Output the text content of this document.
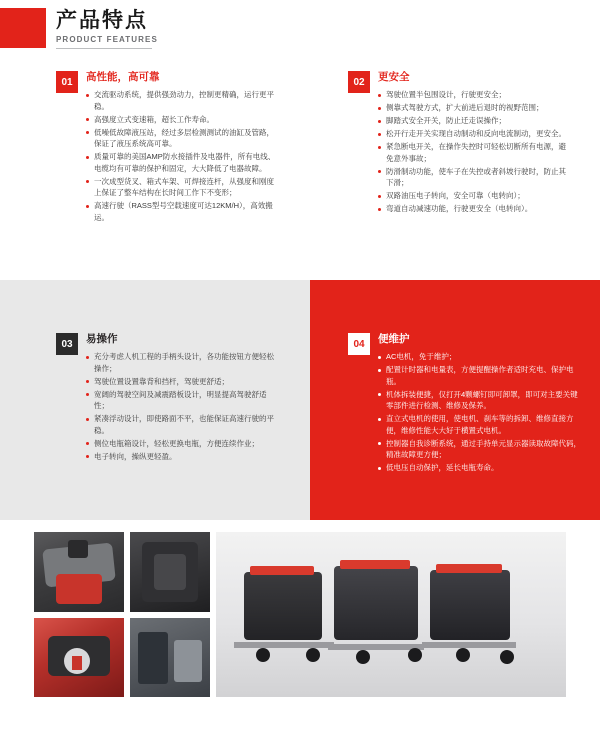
产品特点
PRODUCT FEATURES
01	高性能，高可靠
交流驱动系统，提供强劲动力，控制更精确，运行更平稳。
高强度立式变速箱，超长工作寿命。
低噪低故障液压站，经过多层检测测试的油缸及管路，保证了液压系统高可靠。
质量可靠的美国AMP防水接插件及电器件，所有电线、电缆均有可靠的保护和固定，大大降低了电器故障。
一次成型货叉、箱式车架、可焊接连杆，从强度和刚度上保证了整车结构在长时间工作下不变形；
高速行驶（RASS型号空载速度可达12KM/H），高效搬运。
02	更安全
驾驶位置半包围设计，行驶更安全；
侧靠式驾驶方式，扩大前进后退时的视野范围；
脚踏式安全开关，防止迁走误操作；
松开行走开关实现自动制动和反向电流制动，更安全。
紧急断电开关，在操作失控时可轻松切断所有电源，避免意外事故；
防滑制动功能，使车子在失控或者斜坡行驶时，防止其下滑；
双路油压电子转向，安全可靠（电转向）；
弯道自动减速功能，行驶更安全（电转向）。
03	易操作
充分考虑人机工程的手柄头设计，各功能按钮方便轻松操作；
驾驶位置设置靠背和挡杆，驾驶更舒适；
宽阔的驾驶空间及减震踏板设计，明显提高驾驶舒适性；
紧凑浮动设计，即使路面不平，也能保证高速行驶的平稳。
侧位电瓶箱设计，轻松更换电瓶，方便连续作业；
电子转向，操纵更轻盈。
04	便维护
AC电机，免于维护；
配置计时器和电量表，方便提醒操作者适时充电、保护电瓶。
机体拆装便捷，仅打开4颗螺钉即可卸罩，即可对主要关键零部件进行检测、维修及保养。
直立式电机的使用，使电机、刹车等的拆卸、维修直接方便，维修性能大大好于横置式电机。
控制器自我诊断系统，通过手持单元显示器读取故障代码，精准故障更方便；
低电压自动保护，延长电瓶寿命。
